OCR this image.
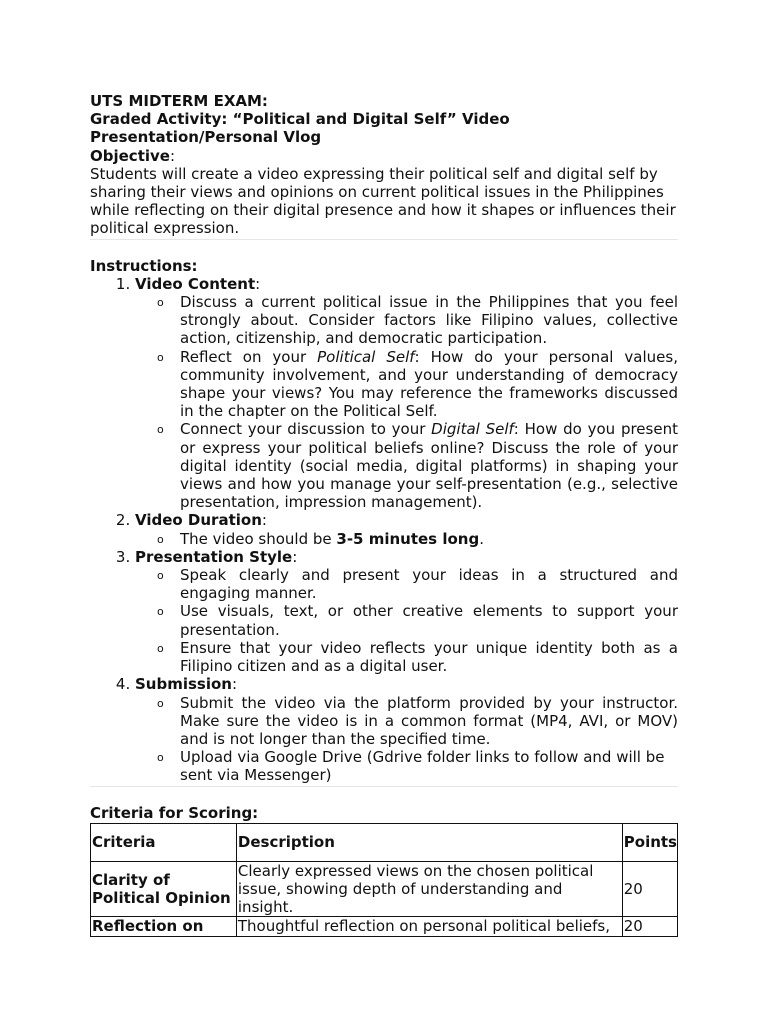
UTS MIDTERM EXAM:
Graded Activity: “Political and Digital Self” Video
Presentation/Personal Vlog
Objective:
Students will create a video expressing their political self and digital self by sharing their views and opinions on current political issues in the Philippines while reflecting on their digital presence and how it shapes or influences their political expression.
Instructions:
1. Video Content:
o Discuss a current political issue in the Philippines that you feel strongly about. Consider factors like Filipino values, collective action, citizenship, and democratic participation.
o Reflect on your Political Self: How do your personal values, community involvement, and your understanding of democracy shape your views? You may reference the frameworks discussed in the chapter on the Political Self.
o Connect your discussion to your Digital Self: How do you present or express your political beliefs online? Discuss the role of your digital identity (social media, digital platforms) in shaping your views and how you manage your self-presentation (e.g., selective presentation, impression management).
2. Video Duration:
o The video should be 3-5 minutes long.
3. Presentation Style:
o Speak clearly and present your ideas in a structured and engaging manner.
o Use visuals, text, or other creative elements to support your presentation.
o Ensure that your video reflects your unique identity both as a Filipino citizen and as a digital user.
4. Submission:
o Submit the video via the platform provided by your instructor. Make sure the video is in a common format (MP4, AVI, or MOV) and is not longer than the specified time.
o Upload via Google Drive (Gdrive folder links to follow and will be sent via Messenger)
Criteria for Scoring:
Criteria	Description	Points
Clarity of Political Opinion	Clearly expressed views on the chosen political issue, showing depth of understanding and insight.	20
Reflection on	Thoughtful reflection on personal political beliefs,	20
